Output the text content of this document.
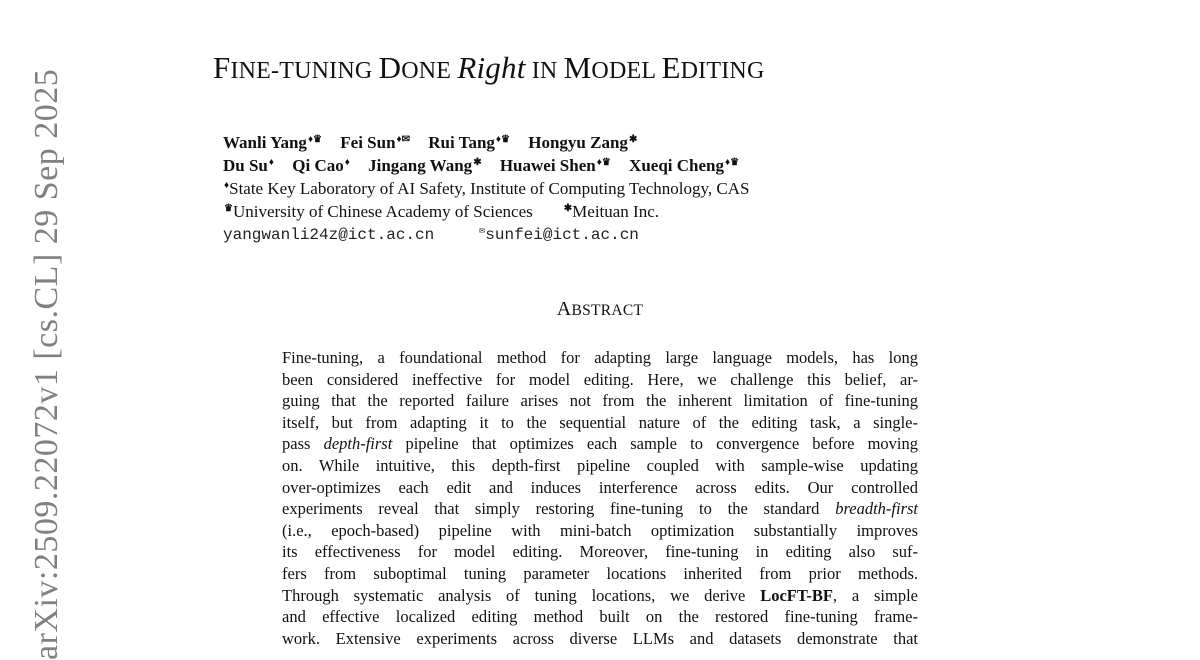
arXiv:2509.22072v1 [cs.CL] 29 Sep 2025
FINE-TUNING DONE Right IN MODEL EDITING
Wanli Yang♦♛ Fei Sun♦✉ Rui Tang♦♛ Hongyu Zang✱
Du Su♦ Qi Cao♦ Jingang Wang✱ Huawei Shen♦♛ Xueqi Cheng♦♛
♦State Key Laboratory of AI Safety, Institute of Computing Technology, CAS
♛University of Chinese Academy of Sciences	✱Meituan Inc.
yangwanli24z@ict.ac.cn	✉sunfei@ict.ac.cn
ABSTRACT
Fine-tuning, a foundational method for adapting large language models, has long
been considered ineffective for model editing. Here, we challenge this belief, ar-
guing that the reported failure arises not from the inherent limitation of fine-tuning
itself, but from adapting it to the sequential nature of the editing task, a single-
pass depth-first pipeline that optimizes each sample to convergence before moving
on. While intuitive, this depth-first pipeline coupled with sample-wise updating
over-optimizes each edit and induces interference across edits. Our controlled
experiments reveal that simply restoring fine-tuning to the standard breadth-first
(i.e., epoch-based) pipeline with mini-batch optimization substantially improves
its effectiveness for model editing. Moreover, fine-tuning in editing also suf-
fers from suboptimal tuning parameter locations inherited from prior methods.
Through systematic analysis of tuning locations, we derive LocFT-BF, a simple
and effective localized editing method built on the restored fine-tuning frame-
work. Extensive experiments across diverse LLMs and datasets demonstrate that
